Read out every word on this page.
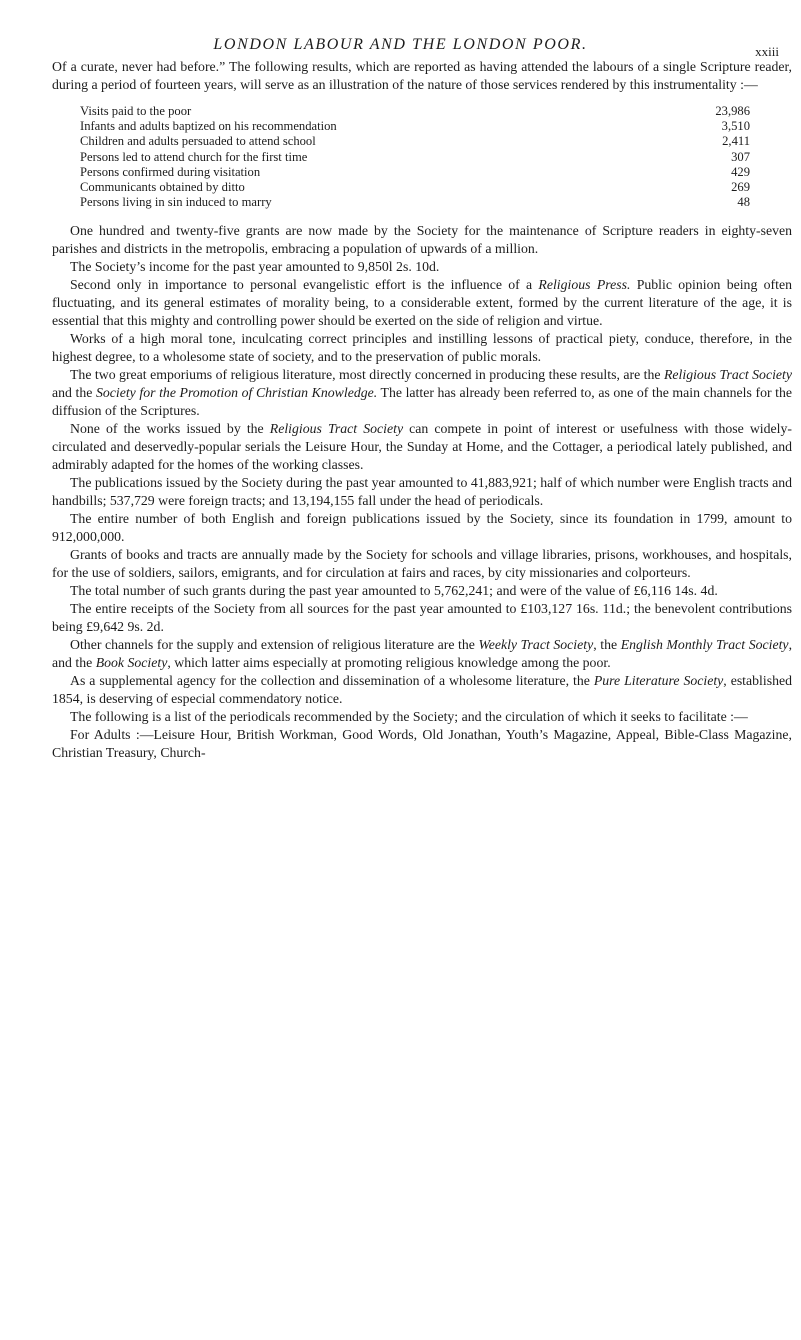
LONDON LABOUR AND THE LONDON POOR.	xxiii

Of a curate, never had before.” The following results, which are reported as having attended the labours of a single Scripture reader, during a period of fourteen years, will serve as an illustration of the nature of those services rendered by this instrumentality :—

Visits paid to the poor	23,986
Infants and adults baptized on his recommendation	3,510
Children and adults persuaded to attend school	2,411
Persons led to attend church for the first time	307
Persons confirmed during visitation	429
Communicants obtained by ditto	269
Persons living in sin induced to marry	48

One hundred and twenty-five grants are now made by the Society for the maintenance of Scripture readers in eighty-seven parishes and districts in the metropolis, embracing a population of upwards of a million.

The Society’s income for the past year amounted to 9,850l 2s. 10d.

Second only in importance to personal evangelistic effort is the influence of a Religious Press. Public opinion being often fluctuating, and its general estimates of morality being, to a considerable extent, formed by the current literature of the age, it is essential that this mighty and controlling power should be exerted on the side of religion and virtue.

Works of a high moral tone, inculcating correct principles and instilling lessons of practical piety, conduce, therefore, in the highest degree, to a wholesome state of society, and to the preservation of public morals.

The two great emporiums of religious literature, most directly concerned in producing these results, are the Religious Tract Society and the Society for the Promotion of Christian Knowledge. The latter has already been referred to, as one of the main channels for the diffusion of the Scriptures.

None of the works issued by the Religious Tract Society can compete in point of interest or usefulness with those widely-circulated and deservedly-popular serials the Leisure Hour, the Sunday at Home, and the Cottager, a periodical lately published, and admirably adapted for the homes of the working classes.

The publications issued by the Society during the past year amounted to 41,883,921; half of which number were English tracts and handbills; 537,729 were foreign tracts; and 13,194,155 fall under the head of periodicals.

The entire number of both English and foreign publications issued by the Society, since its foundation in 1799, amount to 912,000,000.

Grants of books and tracts are annually made by the Society for schools and village libraries, prisons, workhouses, and hospitals, for the use of soldiers, sailors, emigrants, and for circulation at fairs and races, by city missionaries and colporteurs.

The total number of such grants during the past year amounted to 5,762,241; and were of the value of £6,116 14s. 4d.

The entire receipts of the Society from all sources for the past year amounted to £103,127 16s. 11d.; the benevolent contributions being £9,642 9s. 2d.

Other channels for the supply and extension of religious literature are the Weekly Tract Society, the English Monthly Tract Society, and the Book Society, which latter aims especially at promoting religious knowledge among the poor.

As a supplemental agency for the collection and dissemination of a wholesome literature, the Pure Literature Society, established 1854, is deserving of especial commendatory notice.

The following is a list of the periodicals recommended by the Society; and the circulation of which it seeks to facilitate :—

For Adults :—Leisure Hour, British Workman, Good Words, Old Jonathan, Youth’s Magazine, Appeal, Bible-Class Magazine, Christian Treasury, Church-
